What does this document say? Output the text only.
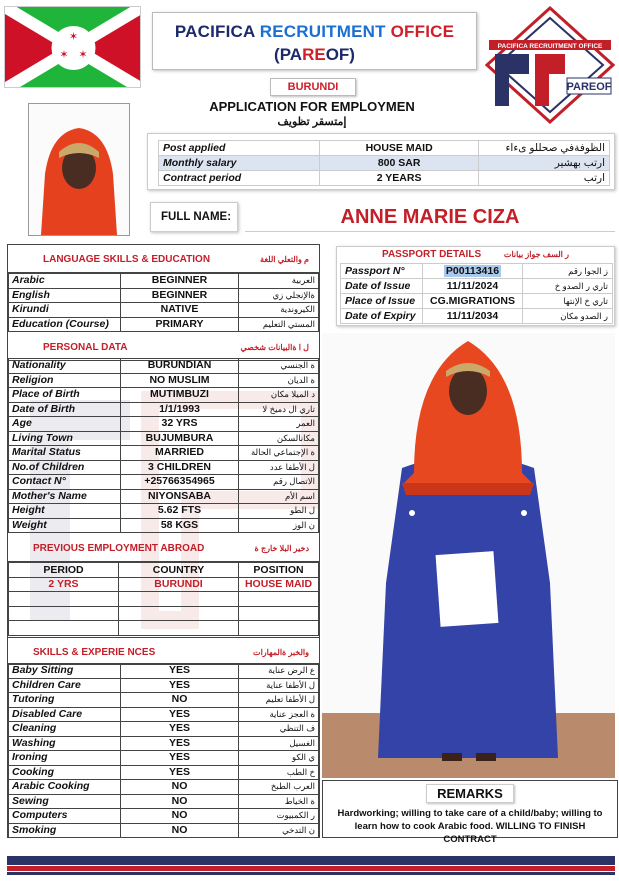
✶
✶ ✶
PACIFICA RECRUITMENT OFFICE
(PAREOF)
BURUNDI
APPLICATION FOR EMPLOYMEN
إمتسقر تظويف
PACIFICA RECRUITMENT OFFICE
PAREOF
Post applied	HOUSE MAID	الظوفةفي صحللو ىءاء
Monthly salary	800 SAR	ارتب بهشير
Contract period	2 YEARS	ارتب
FULL NAME:	ANNE MARIE CIZA
LANGUAGE SKILLS & EDUCATION	م والتعلي اللغة
Arabic	BEGINNER	العربية
English	BEGINNER	ةالإنجلي زي
Kirundi	NATIVE	الكيروندية
Education (Course)	PRIMARY	المستي التعليم
PERSONAL DATA	ل ا ةالبيانات شخصي
Nationality	BURUNDIAN	ة الجنسي
Religion	NO MUSLIM	ة الديان
Place of Birth	MUTIMBUZI	د الميلا مكان
Date of Birth	1/1/1993	تاري ال دميخ لا
Age	32 YRS	العمر
Living Town	BUJUMBURA	مكانالسكن
Marital Status	MARRIED	ة الإجتماعي الحالة
No.of Children	3 CHILDREN	ل الأطفا عدد
Contact N°	+25766354965	الاتصال رقم
Mother's Name	NIYONSABA	اسم الأم
Height	5.62 FTS	ل الطو
Weight	58 KGS	ن الوز
PREVIOUS EMPLOYMENT ABROAD	دخير البلا خارج ة
PERIOD	COUNTRY	POSITION
2 YRS	BURUNDI	HOUSE MAID

SKILLS & EXPERIE NCES	والخبر ةالمهارات
Baby Sitting	YES	ع الرض عناية
Children Care	YES	ل الأطفا عناية
Tutoring	NO	ل الأطفا تعليم
Disabled Care	YES	ة العجز عناية
Cleaning	YES	ف التنظي
Washing	YES	الغسيل
Ironing	YES	ي الكو
Cooking	YES	خ الطب
Arabic Cooking	NO	العرب الطبخ
Sewing	NO	ة الخياط
Computers	NO	ر الكمبيوت
Smoking	NO	ن التدخي
PASSPORT DETAILS	ر السف جواز بيانات
Passport N°	P00113416	ز الجوا رقم
Date of Issue	11/11/2024	تاري ر الصدو خ
Place of Issue	CG.MIGRATIONS	تاري خ الإنتها
Date of Expiry	11/11/2034	ر الصدو مكان
REMARKS
Hardworking; willing to take care of a child/baby; willing to learn how to cook Arabic food. WILLING TO FINISH CONTRACT
